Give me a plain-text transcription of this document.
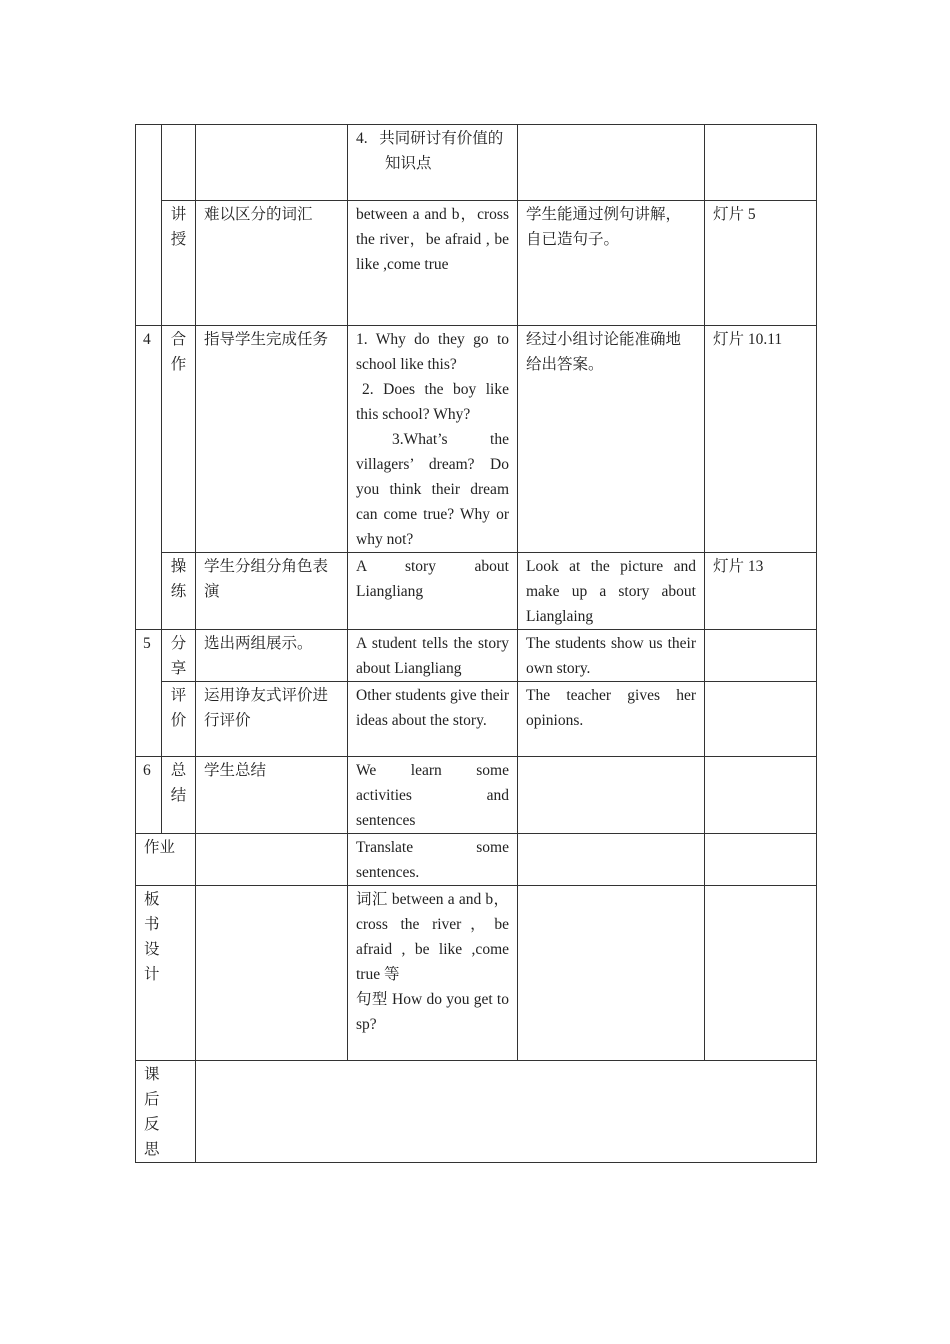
			4.   共同研讨有价值的知识点		

	讲授	难以区分的词汇	between a and b，cross the river，be afraid , be like ,come true	学生能通过例句讲解，自已造句子。	灯片 5
4	合作	指导学生完成任务	1. Why do they go to school like this?
2. Does the boy like this school? Why?
3.What’s the villagers’ dream? Do you think their dream can come true? Why or why not?	经过小组讨论能准确地给出答案。	灯片 10.11
	操练	学生分组分角色表演	A story about Liangliang	Look at the picture and make up a story about Lianglaing	灯片 13
5	分享	选出两组展示。	A student tells the story about Liangliang	The students show us their own story.	
	评价	运用诤友式评价进行评价	Other students give their ideas about the story.	The teacher gives her opinions.	
6	总结	学生总结	We learn some activities and sentences		
作业			Translate some sentences.		
板书设计			词汇 between a and b，cross the river，be afraid , be like ,come true 等
句型 How do you get to sp?		

课后反思					
